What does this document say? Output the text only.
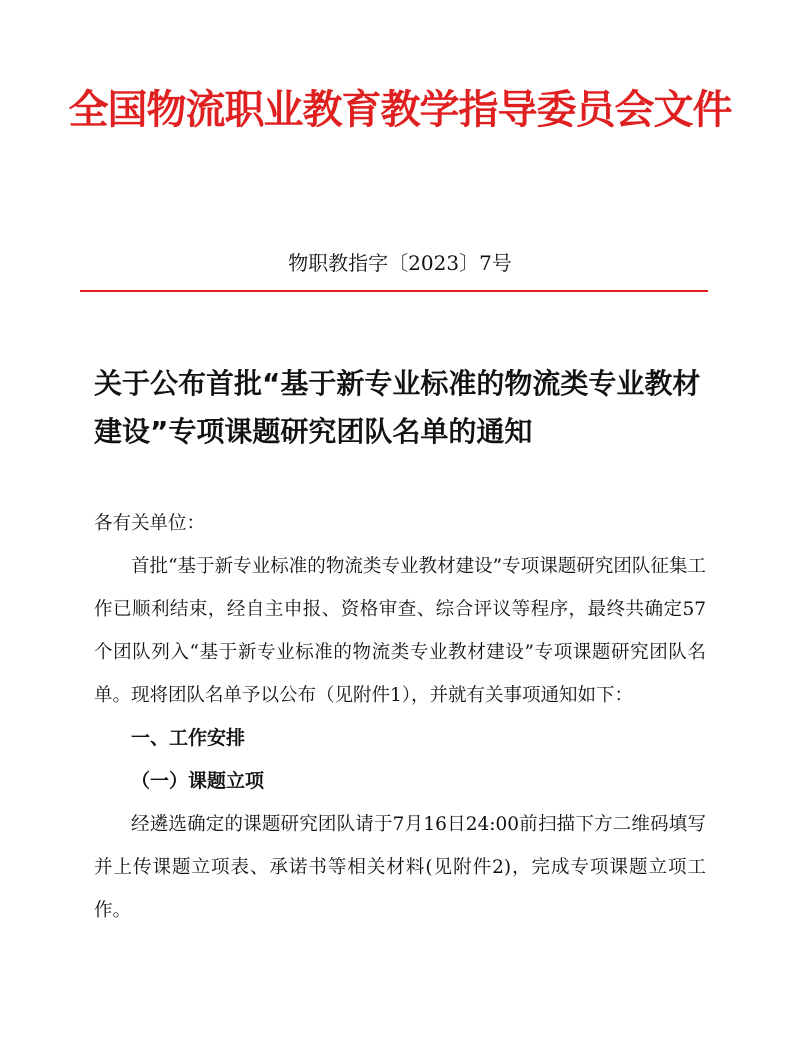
全国物流职业教育教学指导委员会文件
物职教指字〔2023〕7号
关于公布首批“基于新专业标准的物流类专业教材建设”专项课题研究团队名单的通知

各有关单位：

首批“基于新专业标准的物流类专业教材建设”专项课题研究团队征集工作已顺利结束，经自主申报、资格审查、综合评议等程序，最终共确定57个团队列入“基于新专业标准的物流类专业教材建设”专项课题研究团队名单。现将团队名单予以公布（见附件1），并就有关事项通知如下：

一、工作安排

（一）课题立项

经遴选确定的课题研究团队请于7月16日24:00前扫描下方二维码填写并上传课题立项表、承诺书等相关材料(见附件2)，完成专项课题立项工作。
